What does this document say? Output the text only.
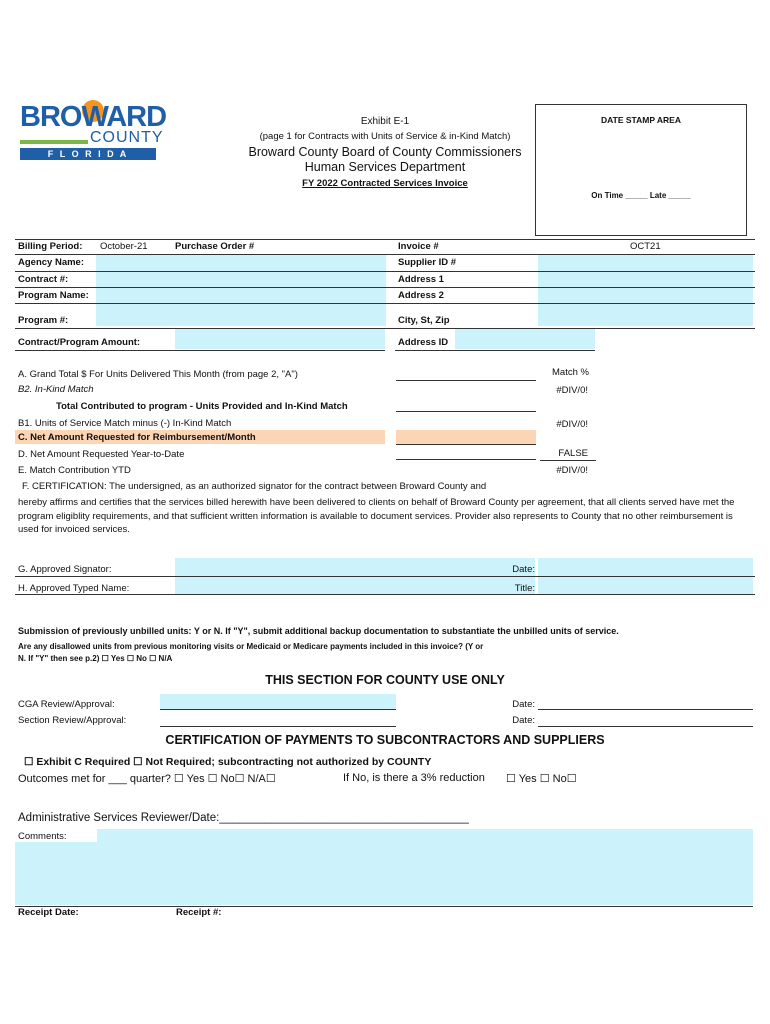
BROWARD
COUNTY
F L O R I D A
Exhibit E-1
(page 1 for Contracts with Units of Service & in-Kind Match)
Broward County Board of County Commissioners
Human Services Department
FY 2022 Contracted Services Invoice
DATE STAMP AREA
On Time _____ Late _____
Billing Period: October-21	Purchase Order #	Invoice #	OCT21
Agency Name:	Supplier ID #
Contract #:	Address 1
Program Name:	Address 2
Program #:	City, St, Zip
Contract/Program Amount:	Address ID
A. Grand Total $ For Units Delivered This Month (from page 2, "A")	Match %
B2. In-Kind Match	#DIV/0!
Total Contributed to program - Units Provided and In-Kind Match
B1. Units of Service Match minus (-) In-Kind Match	#DIV/0!
C. Net Amount Requested for Reimbursement/Month
D. Net Amount Requested Year-to-Date	FALSE
E. Match Contribution YTD	#DIV/0!
F. CERTIFICATION: The undersigned, as an authorized signator for the contract between Broward County and
hereby affirms and certifies that the services billed herewith have been delivered to clients on behalf of Broward County per agreement, that all clients served have met the program eligiblity requirements, and that sufficient written information is available to document services. Provider also represents to County that no other reimbursement is used for invoiced services.
G. Approved Signator:	Date:
H. Approved Typed Name:	Title:
Submission of previously unbilled units: Y or N. If "Y", submit additional backup documentation to substantiate the unbilled units of service.
Are any disallowed units from previous monitoring visits or Medicaid or Medicare payments included in this invoice? (Y or
N. If "Y" then see p.2) ☐ Yes ☐ No ☐ N/A
THIS SECTION FOR COUNTY USE ONLY
CGA Review/Approval:	Date:
Section Review/Approval:	Date:
CERTIFICATION OF PAYMENTS TO SUBCONTRACTORS AND SUPPLIERS
☐ Exhibit C Required ☐ Not Required; subcontracting not authorized by COUNTY
Outcomes met for ___ quarter? ☐ Yes ☐ No☐ N/A☐	If No, is there a 3% reduction ☐ Yes ☐ No☐
Administrative Services Reviewer/Date:_______________________________________
Comments:
Receipt Date:	Receipt #:
